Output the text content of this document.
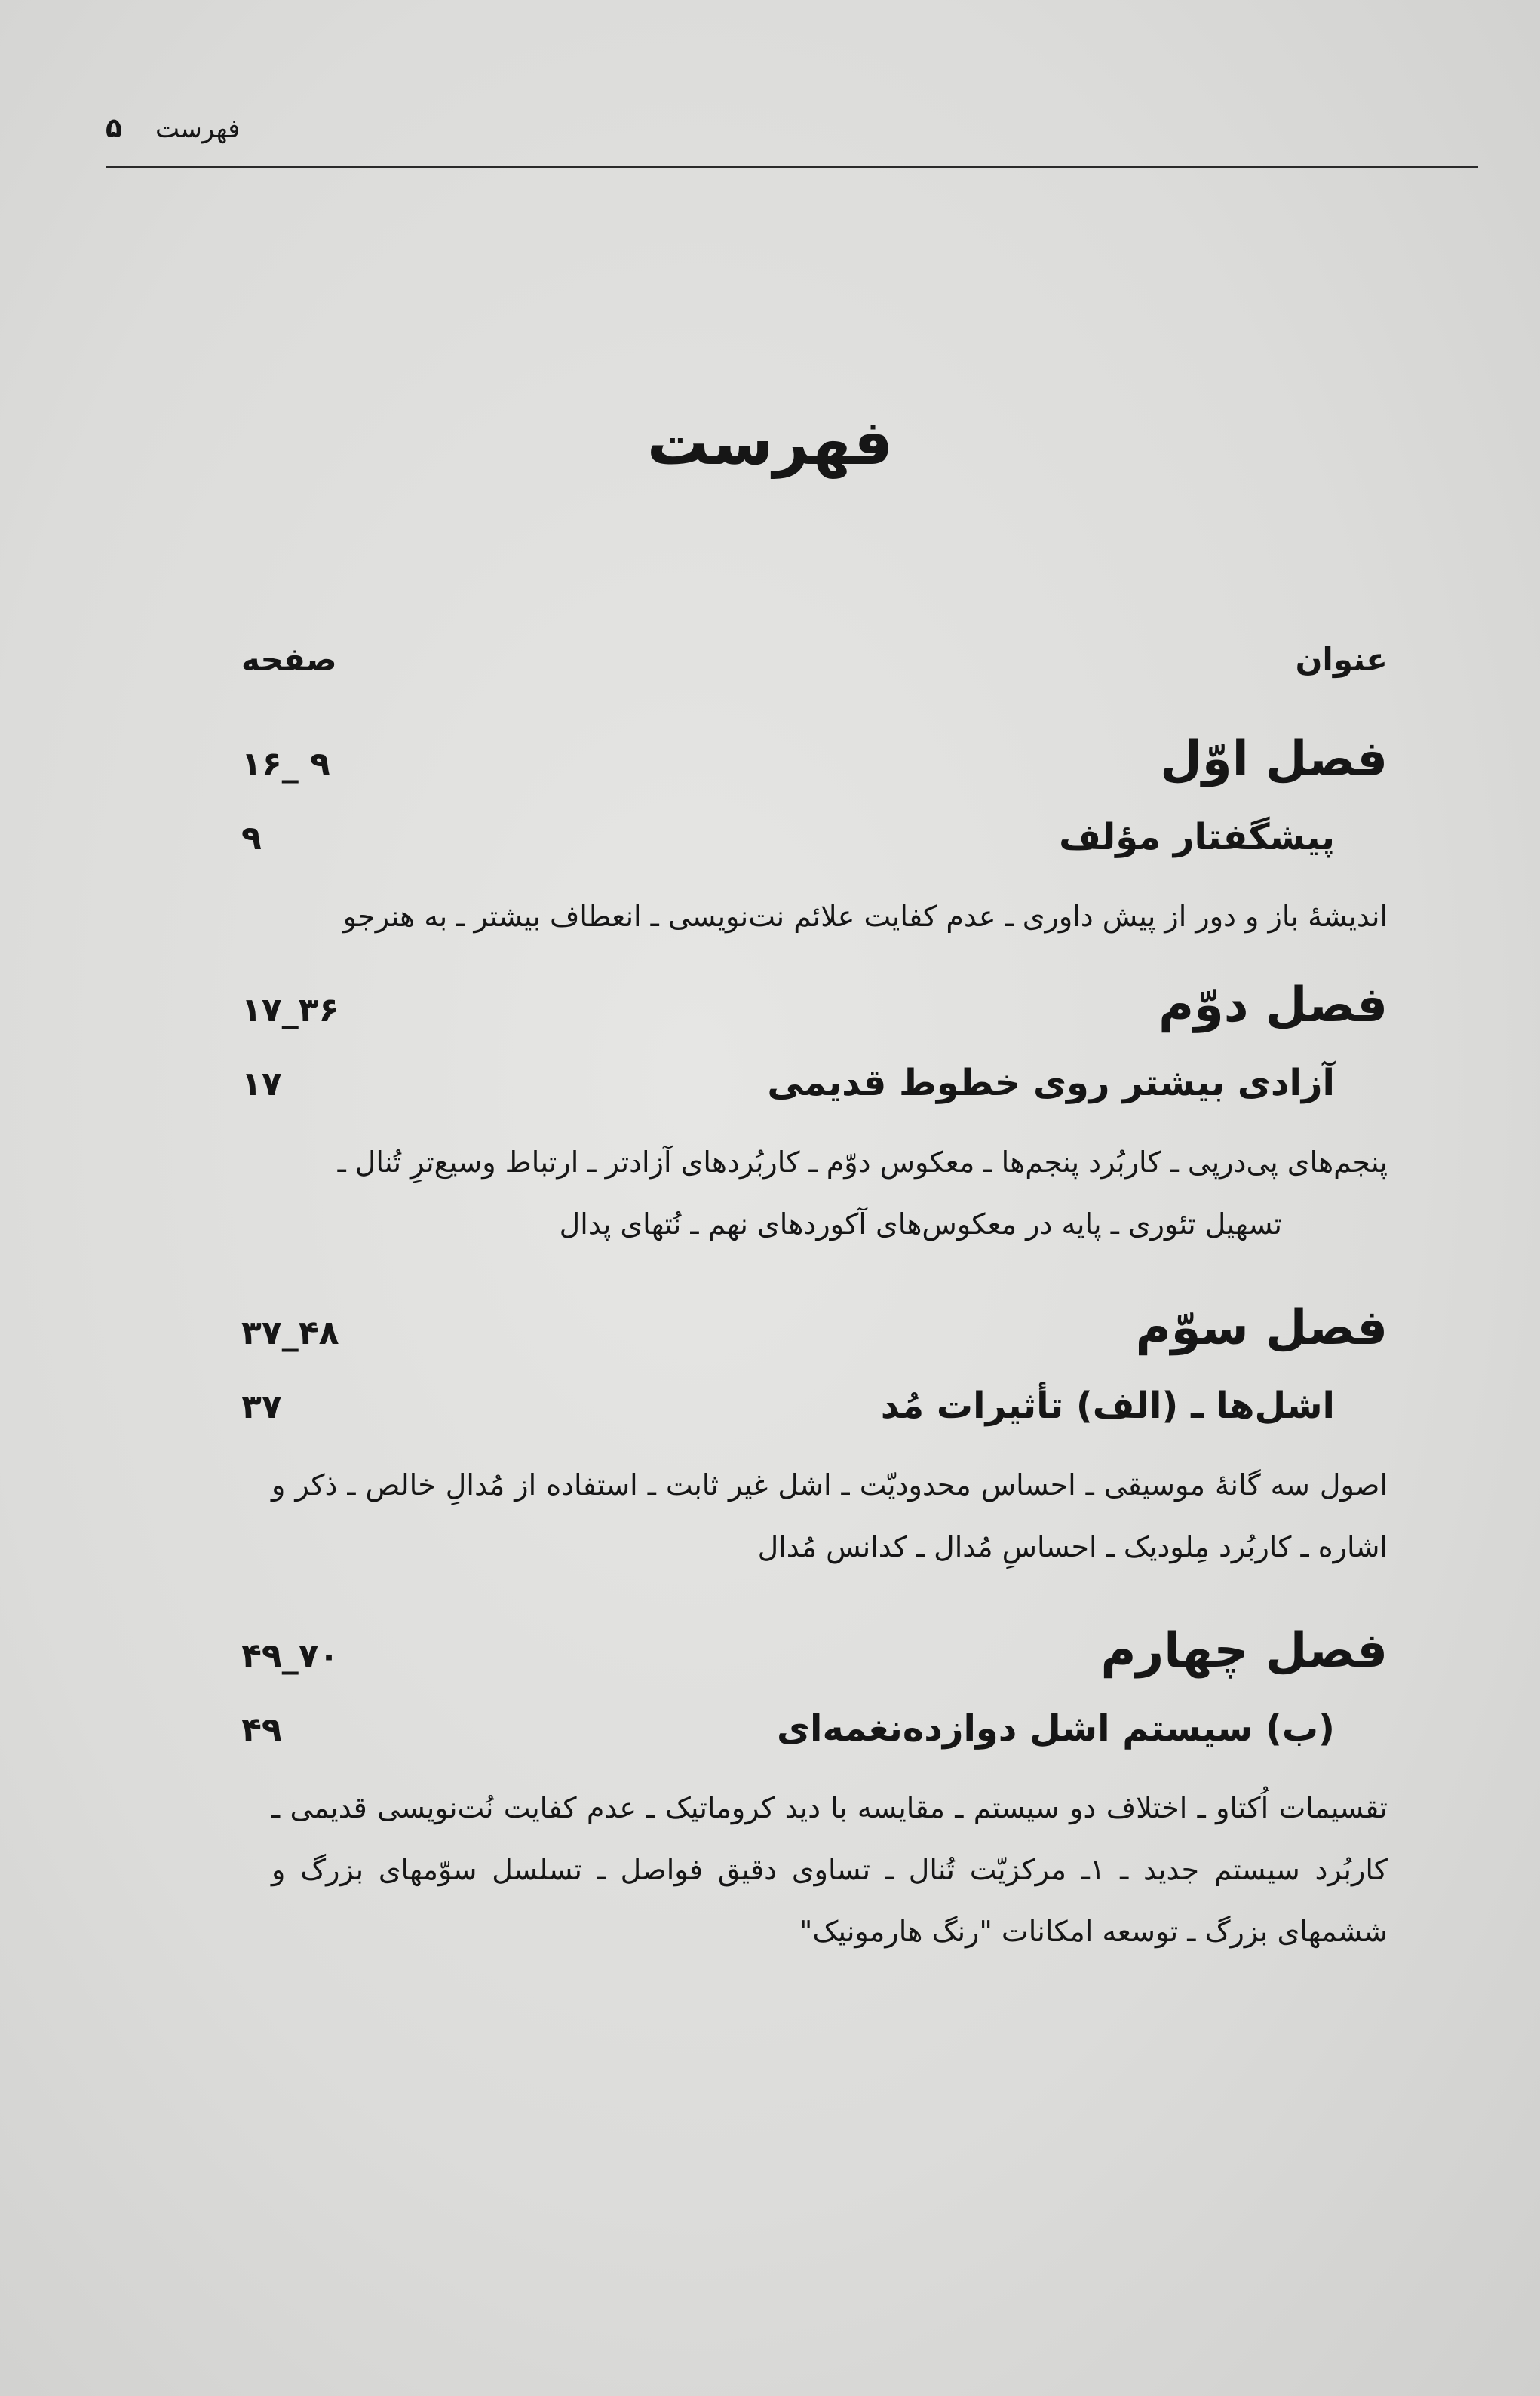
۵ فهرست
فهرست
عنوان
صفحه
فصل اوّل
۱۶_ ۹
پیشگفتار مؤلف
۹
اندیشهٔ باز و دور از پیش داوری ـ عدم کفایت علائم نت‌نویسی ـ انعطاف بیشتر ـ به هنرجو
فصل دوّم
۱۷_۳۶
آزادی بیشتر روی خطوط قدیمی
۱۷
پنجم‌های پی‌درپی ـ کاربُرد پنجم‌ها ـ معکوس دوّم ـ کاربُردهای آزادتر ـ ارتباط وسیع‌ترِ تُنال ـ
تسهیل تئوری ـ پایه در معکوس‌های آکوردهای نهم ـ نُتهای پدال
فصل سوّم
۳۷_۴۸
اشل‌ها ـ (الف) تأثیرات مُد
۳۷
اصول سه گانهٔ موسیقی ـ احساس محدودیّت ـ اشل غیر ثابت ـ استفاده از مُدالِ خالص ـ ذکر و اشاره ـ کاربُرد مِلودیک ـ احساسِ مُدال ـ کدانس مُدال
فصل چهارم
۴۹_۷۰
(ب) سیستم اشل دوازده‌نغمه‌ای
۴۹
تقسیمات اُکتاو ـ اختلاف دو سیستم ـ مقایسه با دید کروماتیک ـ عدم کفایت نُت‌نویسی قدیمی ـ کاربُرد سیستم جدید ـ ۱ـ مرکزیّت تُنال ـ تساوی دقیق فواصل ـ تسلسل سوّمهای بزرگ و ششمهای بزرگ ـ توسعه امکانات "رنگ هارمونیک"
